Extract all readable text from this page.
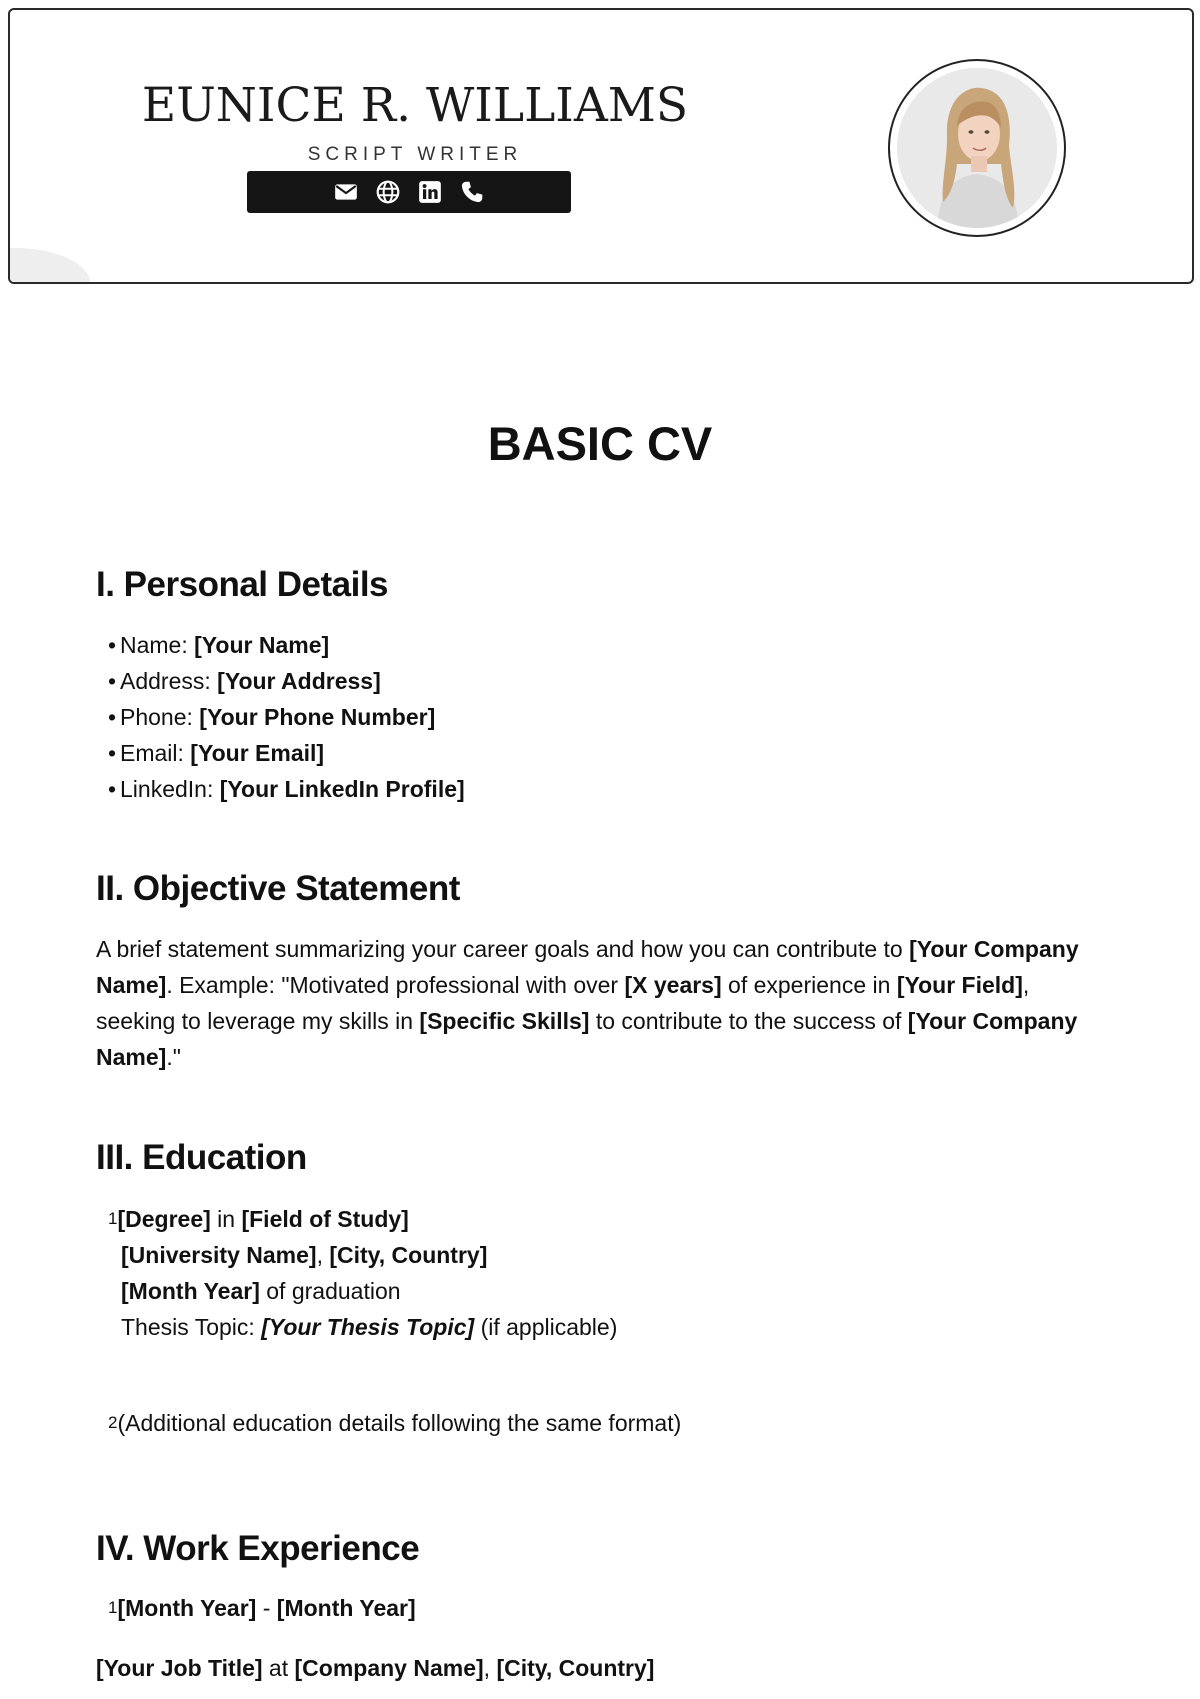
EUNICE R. WILLIAMS
SCRIPT WRITER
BASIC CV
I. Personal Details
• Name: [Your Name]
• Address: [Your Address]
• Phone: [Your Phone Number]
• Email: [Your Email]
• LinkedIn: [Your LinkedIn Profile]
II. Objective Statement

A brief statement summarizing your career goals and how you can contribute to [Your Company Name]. Example: "Motivated professional with over [X years] of experience in [Your Field], seeking to leverage my skills in [Specific Skills] to contribute to the success of [Your Company Name]."

III. Education
1[Degree] in [Field of Study]
[University Name], [City, Country]
[Month Year] of graduation
Thesis Topic: [Your Thesis Topic] (if applicable)
2(Additional education details following the same format)
IV. Work Experience
1[Month Year] - [Month Year]
[Your Job Title] at [Company Name], [City, Country]
